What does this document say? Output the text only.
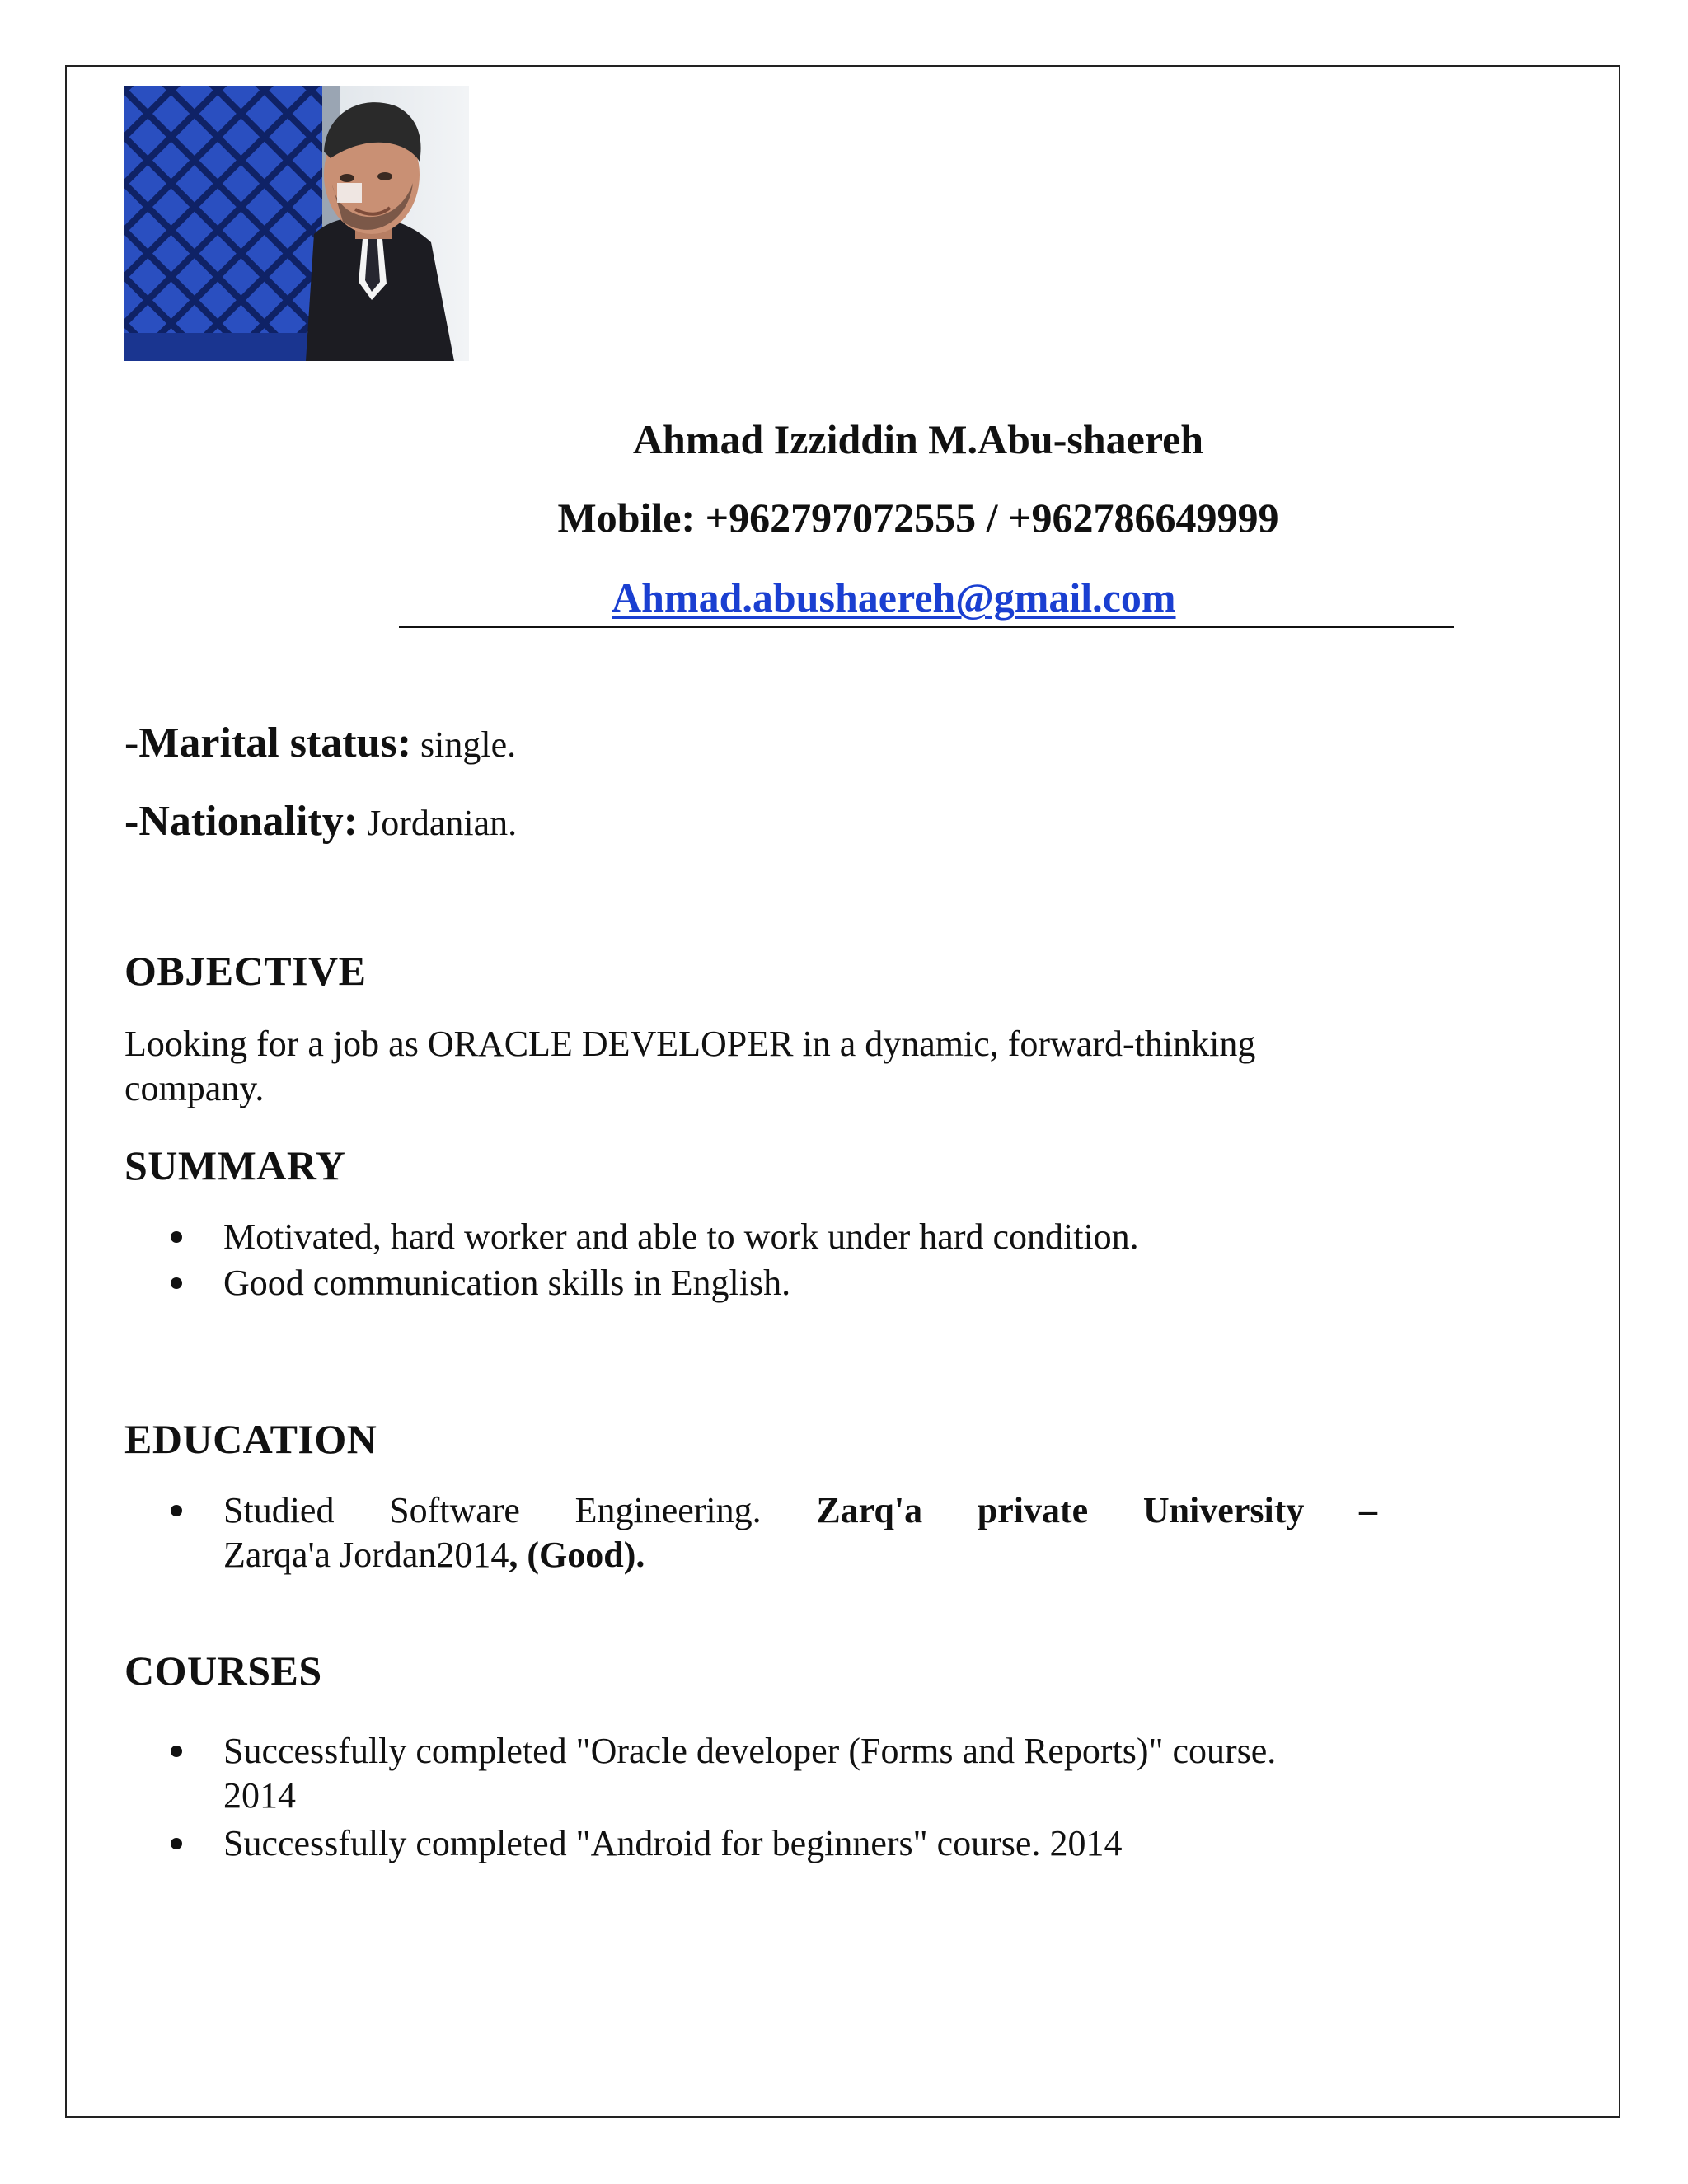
Ahmad Izziddin M.Abu-shaereh
Mobile: +962797072555 / +962786649999
Ahmad.abushaereh@gmail.com
-Marital status: single.
-Nationality: Jordanian.
OBJECTIVE
Looking for a job as ORACLE DEVELOPER in a dynamic, forward-thinking
company.
SUMMARY
Motivated, hard worker and able to work under hard condition.
Good communication skills in English.
EDUCATION
Studied Software Engineering. Zarq'a private University –
Zarqa'a Jordan2014, (Good).
COURSES
Successfully completed "Oracle developer (Forms and Reports)" course.
2014
Successfully completed "Android for beginners" course. 2014
